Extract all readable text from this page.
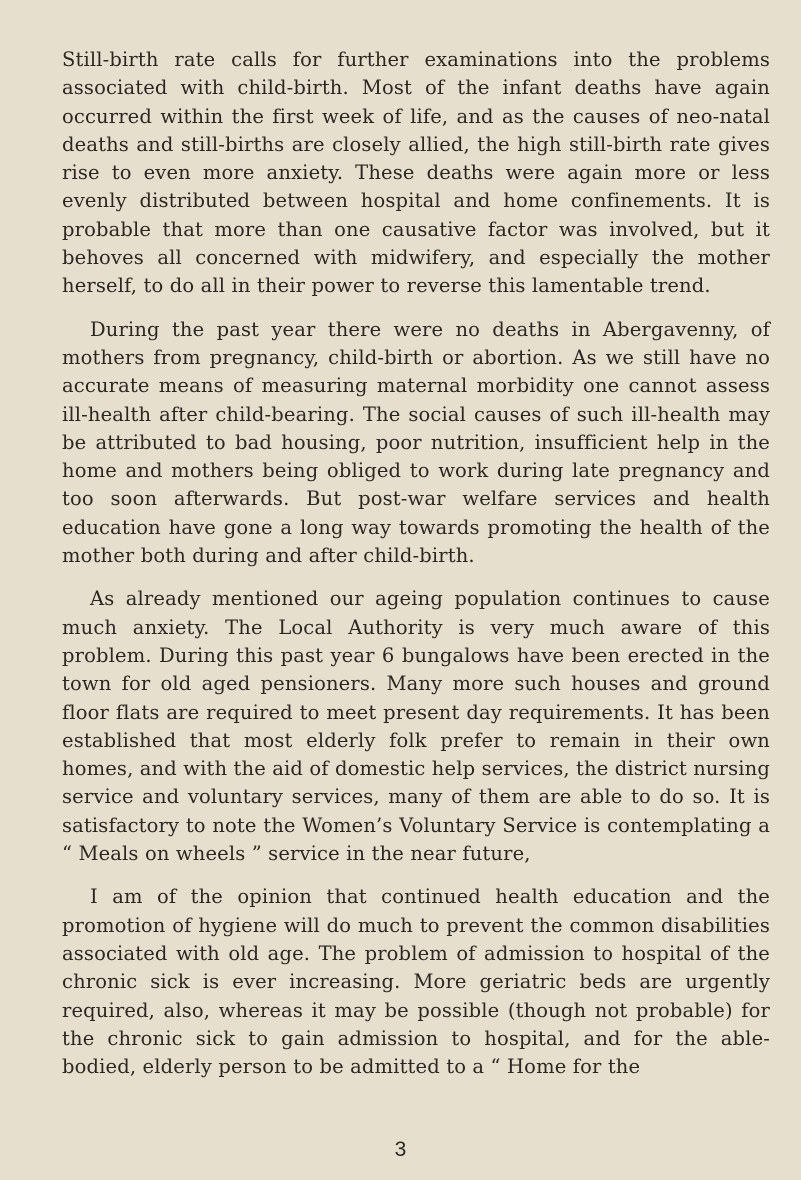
Still-birth rate calls for further examinations into the problems associated with child-birth. Most of the infant deaths have again occurred within the first week of life, and as the causes of neo-natal deaths and still-births are closely allied, the high still-birth rate gives rise to even more anxiety. These deaths were again more or less evenly distributed between hospital and home confinements. It is probable that more than one causative factor was involved, but it behoves all concerned with midwifery, and especially the mother herself, to do all in their power to reverse this lamentable trend.

During the past year there were no deaths in Abergavenny, of mothers from pregnancy, child-birth or abortion. As we still have no accurate means of measuring maternal morbidity one cannot assess ill-health after child-bearing. The social causes of such ill-health may be attributed to bad housing, poor nutrition, insufficient help in the home and mothers being obliged to work during late pregnancy and too soon afterwards. But post-war welfare services and health education have gone a long way towards promoting the health of the mother both during and after child-birth.

As already mentioned our ageing population continues to cause much anxiety. The Local Authority is very much aware of this problem. During this past year 6 bungalows have been erected in the town for old aged pensioners. Many more such houses and ground floor flats are required to meet present day requirements. It has been established that most elderly folk prefer to remain in their own homes, and with the aid of domestic help services, the district nursing service and voluntary services, many of them are able to do so. It is satisfactory to note the Women’s Voluntary Service is contemplating a “ Meals on wheels ” service in the near future,

I am of the opinion that continued health education and the promotion of hygiene will do much to prevent the common disabilities associated with old age. The problem of admission to hospital of the chronic sick is ever increasing. More geriatric beds are urgently required, also, whereas it may be possible (though not probable) for the chronic sick to gain admission to hospital, and for the able-bodied, elderly person to be admitted to a “ Home for the

3
